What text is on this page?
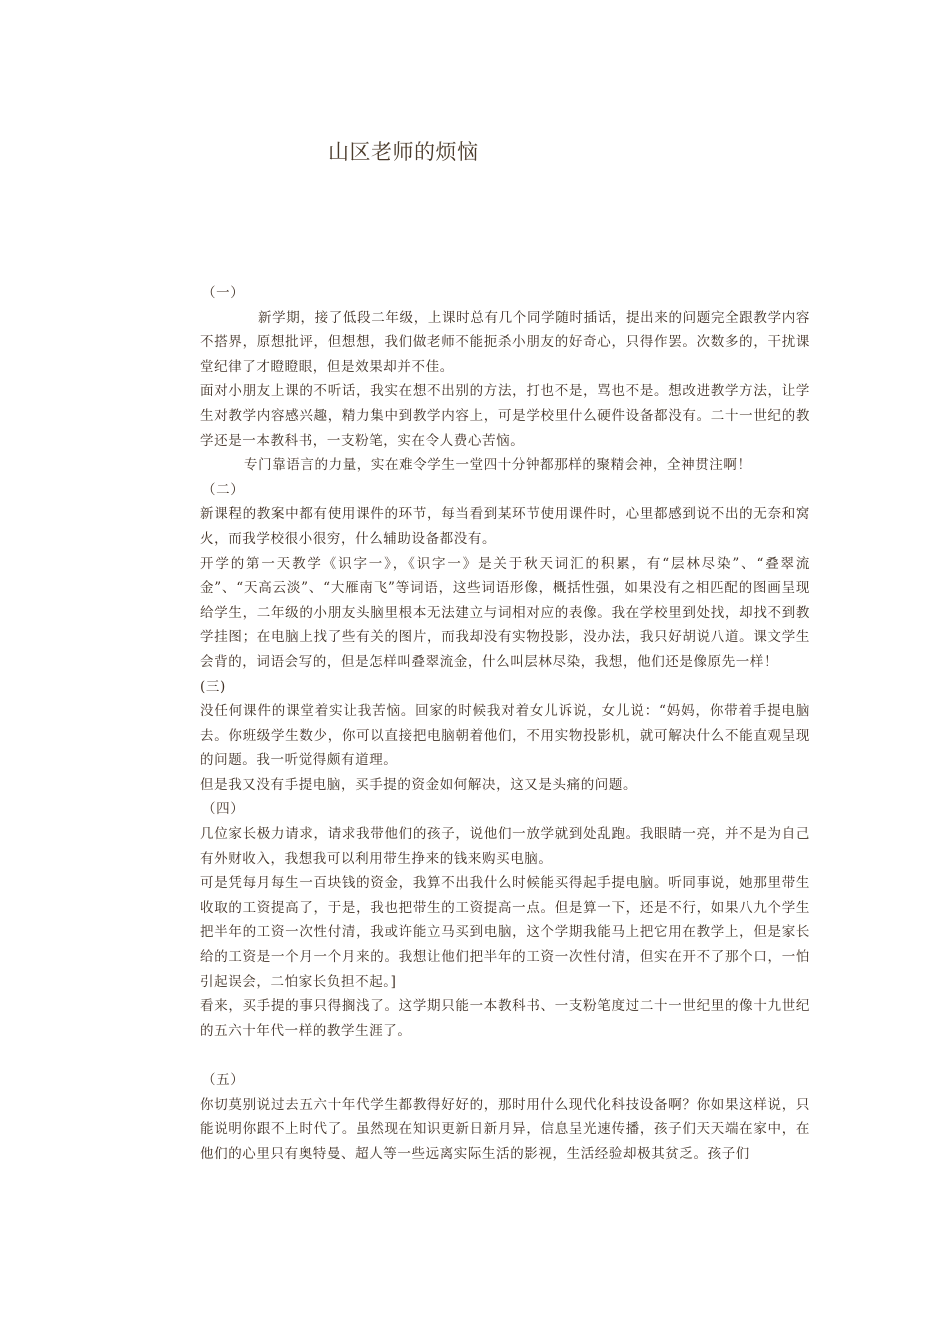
山区老师的烦恼

（一）

新学期，接了低段二年级，上课时总有几个同学随时插话，提出来的问题完全跟教学内容不搭界，原想批评，但想想，我们做老师不能扼杀小朋友的好奇心，只得作罢。次数多的，干扰课堂纪律了才瞪瞪眼，但是效果却并不佳。

面对小朋友上课的不听话，我实在想不出别的方法，打也不是，骂也不是。想改进教学方法，让学生对教学内容感兴趣，精力集中到教学内容上，可是学校里什么硬件设备都没有。二十一世纪的教学还是一本教科书，一支粉笔，实在令人费心苦恼。

专门靠语言的力量，实在难令学生一堂四十分钟都那样的聚精会神，全神贯注啊！

（二）

新课程的教案中都有使用课件的环节，每当看到某环节使用课件时，心里都感到说不出的无奈和窝火，而我学校很小很穷，什么辅助设备都没有。

开学的第一天教学《识字一》，《识字一》是关于秋天词汇的积累，有“层林尽染”、“叠翠流金”、“天高云淡”、“大雁南飞”等词语，这些词语形像，概括性强，如果没有之相匹配的图画呈现给学生，二年级的小朋友头脑里根本无法建立与词相对应的表像。我在学校里到处找，却找不到教学挂图；在电脑上找了些有关的图片，而我却没有实物投影，没办法，我只好胡说八道。课文学生会背的，词语会写的，但是怎样叫叠翠流金，什么叫层林尽染，我想，他们还是像原先一样！

(三)

没任何课件的课堂着实让我苦恼。回家的时候我对着女儿诉说，女儿说：“妈妈，你带着手提电脑去。你班级学生数少，你可以直接把电脑朝着他们，不用实物投影机，就可解决什么不能直观呈现的问题。我一听觉得颇有道理。

但是我又没有手提电脑，买手提的资金如何解决，这又是头痛的问题。

（四）

几位家长极力请求，请求我带他们的孩子，说他们一放学就到处乱跑。我眼睛一亮，并不是为自己有外财收入，我想我可以利用带生挣来的钱来购买电脑。

可是凭每月每生一百块钱的资金，我算不出我什么时候能买得起手提电脑。听同事说，她那里带生收取的工资提高了，于是，我也把带生的工资提高一点。但是算一下，还是不行，如果八九个学生把半年的工资一次性付清，我或许能立马买到电脑，这个学期我能马上把它用在教学上，但是家长给的工资是一个月一个月来的。我想让他们把半年的工资一次性付清，但实在开不了那个口，一怕引起误会，二怕家长负担不起。]

看来，买手提的事只得搁浅了。这学期只能一本教科书、一支粉笔度过二十一世纪里的像十九世纪的五六十年代一样的教学生涯了。

（五）

你切莫别说过去五六十年代学生都教得好好的，那时用什么现代化科技设备啊？你如果这样说，只能说明你跟不上时代了。虽然现在知识更新日新月异，信息呈光速传播，孩子们天天端在家中，在他们的心里只有奥特曼、超人等一些远离实际生活的影视，生活经验却极其贫乏。孩子们
